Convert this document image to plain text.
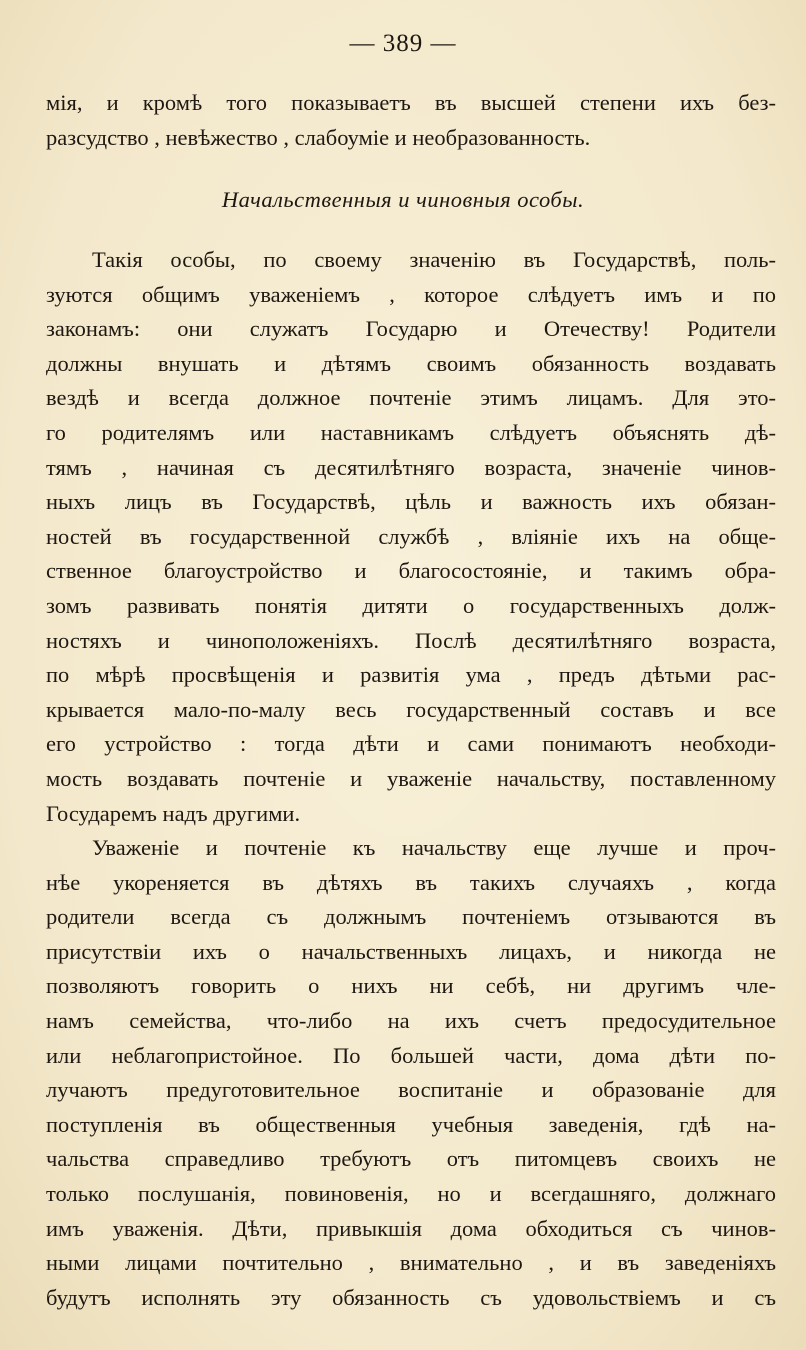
— 389 —
мія, и кромѣ того показываетъ въ высшей степени ихъ без-
разсудство , невѣжество , слабоуміе и необразованность.
Начальственныя и чиновныя особы.
Такія особы, по своему значенію въ Государствѣ, поль-
зуются общимъ уваженіемъ , которое слѣдуетъ имъ и по
законамъ: они служатъ Государю и Отечеству! Родители
должны внушать и дѣтямъ своимъ обязанность воздавать
вездѣ и всегда должное почтеніе этимъ лицамъ. Для это-
го родителямъ или наставникамъ слѣдуетъ объяснять дѣ-
тямъ , начиная съ десятилѣтняго возраста, значеніе чинов-
ныхъ лицъ въ Государствѣ, цѣль и важность ихъ обязан-
ностей въ государственной службѣ , вліяніе ихъ на обще-
ственное благоустройство и благосостояніе, и такимъ обра-
зомъ развивать понятія дитяти о государственныхъ долж-
ностяхъ и чиноположеніяхъ. Послѣ десятилѣтняго возраста,
по мѣрѣ просвѣщенія и развитія ума , предъ дѣтьми рас-
крывается мало-по-малу весь государственный составъ и все
его устройство : тогда дѣти и сами понимаютъ необходи-
мость воздавать почтеніе и уваженіе начальству, поставленному
Государемъ надъ другими.
Уваженіе и почтеніе къ начальству еще лучше и проч-
нѣе укореняется въ дѣтяхъ въ такихъ случаяхъ , когда
родители всегда съ должнымъ почтеніемъ отзываются въ
присутствіи ихъ о начальственныхъ лицахъ, и никогда не
позволяютъ говорить о нихъ ни себѣ, ни другимъ чле-
намъ семейства, что-либо на ихъ счетъ предосудительное
или неблагопристойное. По большей части, дома дѣти по-
лучаютъ предуготовительное воспитаніе и образованіе для
поступленія въ общественныя учебныя заведенія, гдѣ на-
чальства справедливо требуютъ отъ питомцевъ своихъ не
только послушанія, повиновенія, но и всегдашняго, должнаго
имъ уваженія. Дѣти, привыкшія дома обходиться съ чинов-
ными лицами почтительно , внимательно , и въ заведеніяхъ
будутъ исполнять эту обязанность съ удовольствіемъ и съ
